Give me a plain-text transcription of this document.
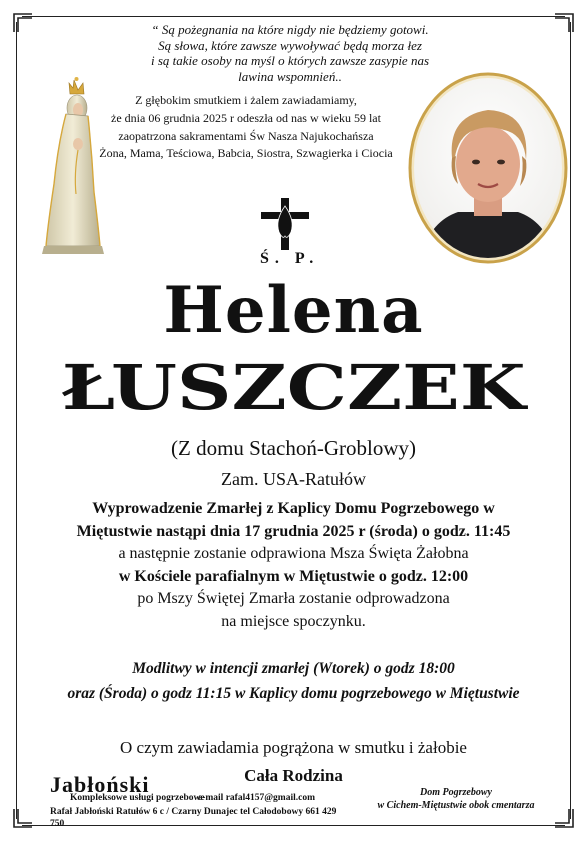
“ Są pożegnania na które nigdy nie będziemy gotowi.
Są słowa, które zawsze wywoływać będą morza łez
i są takie osoby na myśl o których zawsze zasypie nas
lawina wspomnień..
Z głębokim smutkiem i żalem zawiadamiamy,
że dnia 06 grudnia 2025 r odeszła od nas w wieku 59 lat
zaopatrzona sakramentami Św Nasza Najukochańsza
Żona, Mama, Teściowa, Babcia, Siostra, Szwagierka i Ciocia
Ś. P.
Helena
ŁUSZCZEK
(Z domu Stachoń-Groblowy)
Zam. USA-Ratułów
Wyprowadzenie Zmarłej z Kaplicy Domu Pogrzebowego w
Miętustwie nastąpi dnia 17 grudnia 2025 r (środa) o godz. 11:45
a następnie zostanie odprawiona Msza Święta Żałobna
w Kościele parafialnym w Miętustwie o godz. 12:00
po Mszy Świętej Zmarła zostanie odprowadzona
na miejsce spoczynku.
Modlitwy w intencji zmarłej (Wtorek) o godz 18:00
oraz (Środa) o godz 11:15 w Kaplicy domu pogrzebowego w Miętustwie
O czym zawiadamia pogrążona w smutku i żałobie
Cała Rodzina
Jabłoński
Kompleksowe usługi pogrzebowe
e-mail rafal4157@gmail.com
Rafał Jabłoński Ratułów 6 c / Czarny Dunajec tel Całodobowy 661 429 750
Dom Pogrzebowy
w Cichem-Miętustwie obok cmentarza
